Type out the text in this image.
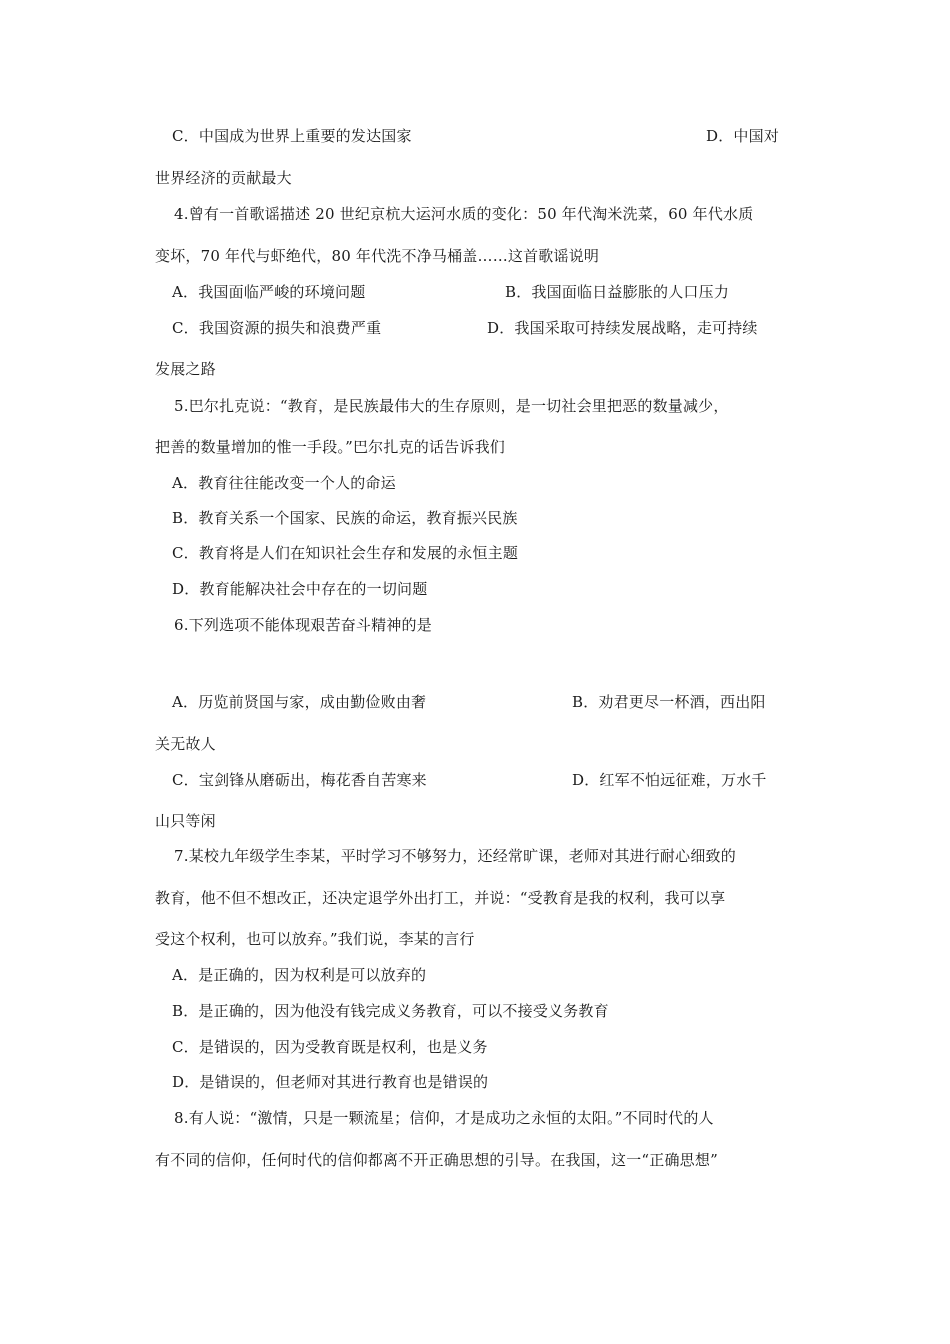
C．中国成为世界上重要的发达国家	D．中国对
世界经济的贡献最大
4.曾有一首歌谣描述 20 世纪京杭大运河水质的变化：50 年代淘米洗菜，60 年代水质
变坏，70 年代与虾绝代，80 年代洗不净马桶盖……这首歌谣说明
A．我国面临严峻的环境问题	B．我国面临日益膨胀的人口压力
C．我国资源的损失和浪费严重	D．我国采取可持续发展战略，走可持续
发展之路
5.巴尔扎克说：“教育，是民族最伟大的生存原则，是一切社会里把恶的数量减少，
把善的数量增加的惟一手段。”巴尔扎克的话告诉我们
A．教育往往能改变一个人的命运
B．教育关系一个国家、民族的命运，教育振兴民族
C．教育将是人们在知识社会生存和发展的永恒主题
D．教育能解决社会中存在的一切问题
6.下列选项不能体现艰苦奋斗精神的是
A．历览前贤国与家，成由勤俭败由奢	B．劝君更尽一杯酒，西出阳
关无故人
C．宝剑锋从磨砺出，梅花香自苦寒来	D．红军不怕远征难，万水千
山只等闲
7.某校九年级学生李某，平时学习不够努力，还经常旷课，老师对其进行耐心细致的
教育，他不但不想改正，还决定退学外出打工，并说：“受教育是我的权利，我可以享
受这个权利，也可以放弃。”我们说，李某的言行
A．是正确的，因为权利是可以放弃的
B．是正确的，因为他没有钱完成义务教育，可以不接受义务教育
C．是错误的，因为受教育既是权利，也是义务
D．是错误的，但老师对其进行教育也是错误的
8.有人说：“激情，只是一颗流星；信仰，才是成功之永恒的太阳。”不同时代的人
有不同的信仰，任何时代的信仰都离不开正确思想的引导。在我国，这一“正确思想”
